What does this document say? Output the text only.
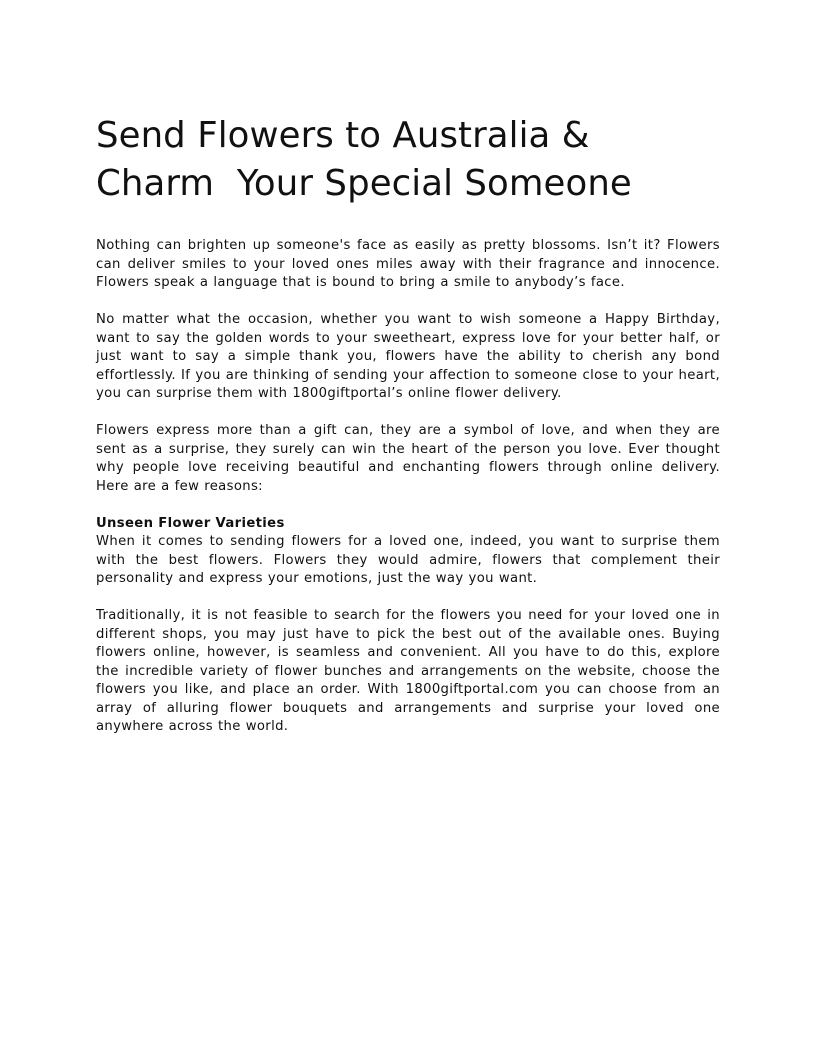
Send Flowers to Australia &
Charm  Your Special Someone

Nothing can brighten up someone's face as easily as pretty blossoms. Isn’t it? Flowers can deliver smiles to your loved ones miles away with their fragrance and innocence. Flowers speak a language that is bound to bring a smile to anybody’s face.

No matter what the occasion, whether you want to wish someone a Happy Birthday, want to say the golden words to your sweetheart, express love for your better half, or just want to say a simple thank you, flowers have the ability to cherish any bond effortlessly. If you are thinking of sending your affection to someone close to your heart, you can surprise them with 1800giftportal’s online flower delivery.

Flowers express more than a gift can, they are a symbol of love, and when they are sent as a surprise, they surely can win the heart of the person you love. Ever thought why people love receiving beautiful and enchanting flowers through online delivery. Here are a few reasons:

Unseen Flower Varieties

When it comes to sending flowers for a loved one, indeed, you want to surprise them with the best flowers. Flowers they would admire, flowers that complement their personality and express your emotions, just the way you want.

Traditionally, it is not feasible to search for the flowers you need for your loved one in different shops, you may just have to pick the best out of the available ones. Buying flowers online, however, is seamless and convenient. All you have to do this, explore the incredible variety of flower bunches and arrangements on the website, choose the flowers you like, and place an order. With 1800giftportal.com you can choose from an array of alluring flower bouquets and arrangements and surprise your loved one anywhere across the world.
